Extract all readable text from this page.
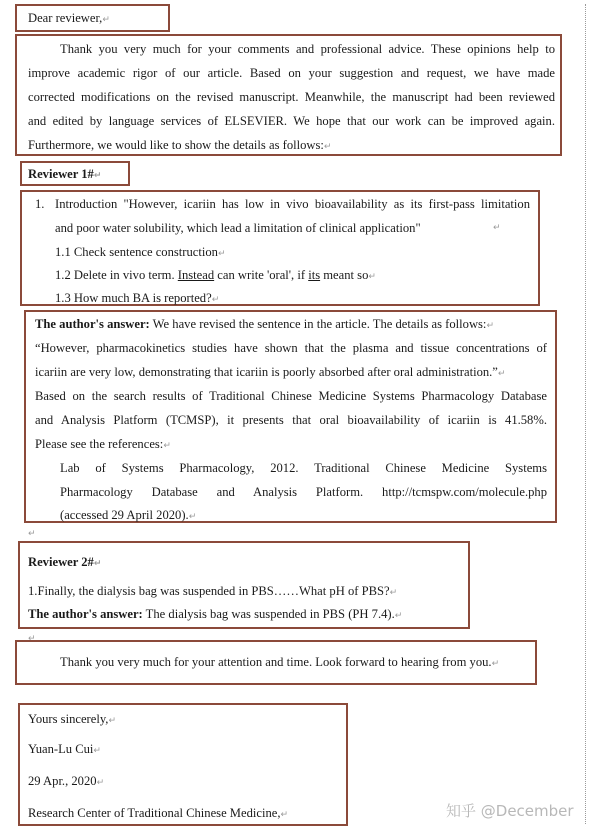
Dear reviewer,↵
Thank you very much for your comments and professional advice. These opinions help to
improve academic rigor of our article. Based on your suggestion and request, we have made
corrected modifications on the revised manuscript. Meanwhile, the manuscript had been reviewed
and edited by language services of ELSEVIER. We hope that our work can be improved again.
Furthermore, we would like to show the details as follows:↵
Reviewer 1#↵
1. Introduction "However, icariin has low in vivo bioavailability as its first-pass limitation
and poor water solubility, which lead a limitation of clinical application"	↵
1.1 Check sentence construction↵
1.2 Delete in vivo term. Instead can write 'oral', if its meant so↵
1.3 How much BA is reported?↵
The author's answer: We have revised the sentence in the article. The details as follows:↵
“However, pharmacokinetics studies have shown that the plasma and tissue concentrations of
icariin are very low, demonstrating that icariin is poorly absorbed after oral administration.”↵
Based on the search results of Traditional Chinese Medicine Systems Pharmacology Database
and Analysis Platform (TCMSP), it presents that oral bioavailability of icariin is 41.58%.
Please see the references:↵
Lab of Systems Pharmacology, 2012. Traditional Chinese Medicine Systems
Pharmacology Database and Analysis Platform. http://tcmspw.com/molecule.php
(accessed 29 April 2020).↵
↵
Reviewer 2#↵
1.Finally, the dialysis bag was suspended in PBS……What pH of PBS?↵
The author's answer: The dialysis bag was suspended in PBS (PH 7.4).↵
↵
Thank you very much for your attention and time. Look forward to hearing from you.↵
Yours sincerely,↵
Yuan-Lu Cui↵
29 Apr., 2020↵
Research Center of Traditional Chinese Medicine,↵	知乎 @December
